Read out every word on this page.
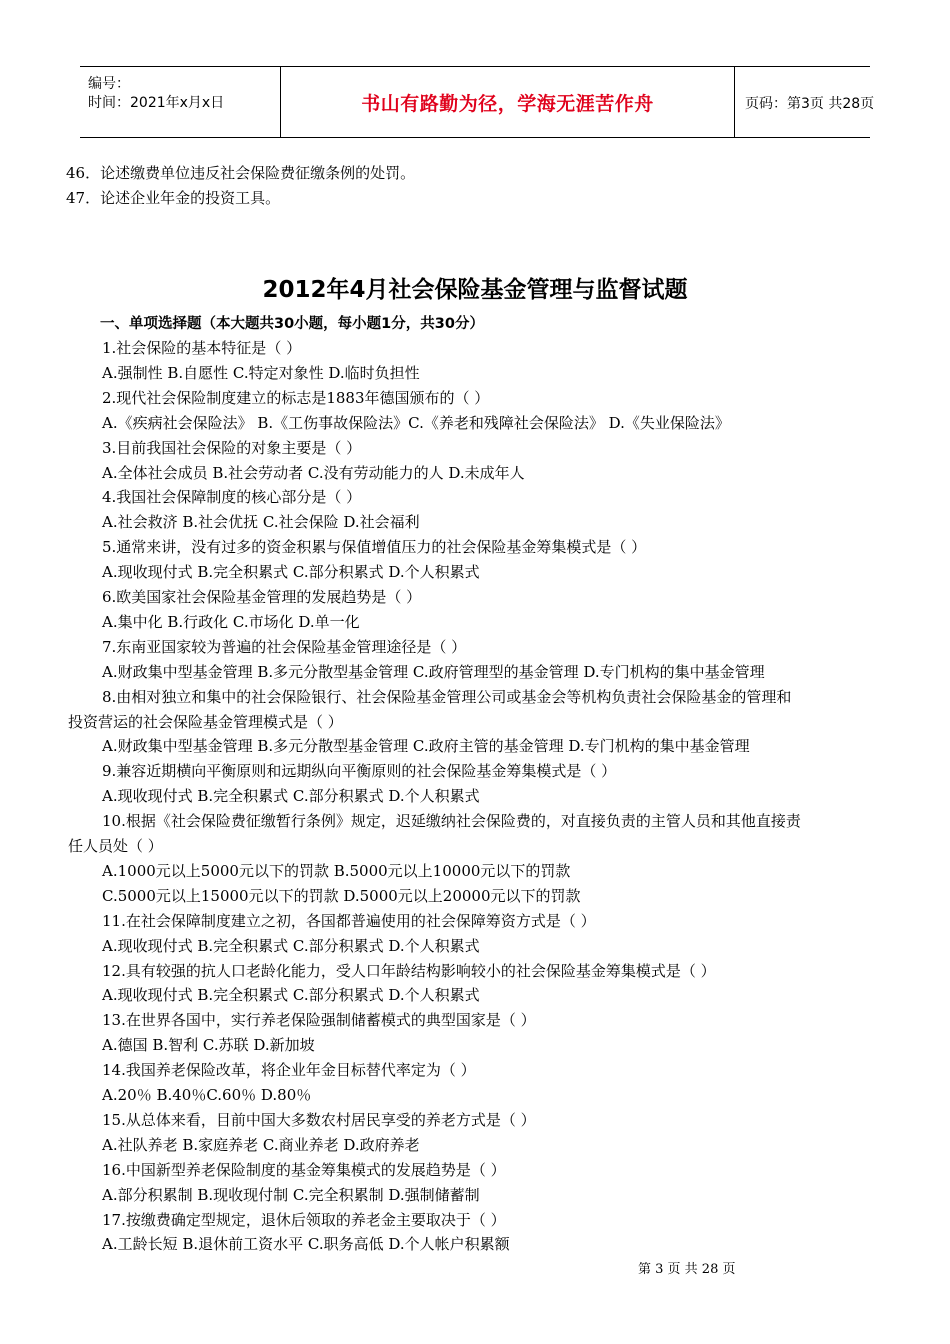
编号：
时间：2021年x月x日	书山有路勤为径，学海无涯苦作舟	页码：第3页 共28页
46．论述缴费单位违反社会保险费征缴条例的处罚。
47．论述企业年金的投资工具。
2012年4月社会保险基金管理与监督试题
一、单项选择题（本大题共30小题，每小题1分，共30分）
1.社会保险的基本特征是（ ）
A.强制性 B.自愿性 C.特定对象性 D.临时负担性
2.现代社会保险制度建立的标志是1883年德国颁布的（ ）
A.《疾病社会保险法》 B.《工伤事故保险法》C.《养老和残障社会保险法》 D.《失业保险法》
3.目前我国社会保险的对象主要是（ ）
A.全体社会成员 B.社会劳动者 C.没有劳动能力的人 D.未成年人
4.我国社会保障制度的核心部分是（ ）
A.社会救济 B.社会优抚 C.社会保险 D.社会福利
5.通常来讲，没有过多的资金积累与保值增值压力的社会保险基金筹集模式是（ ）
A.现收现付式 B.完全积累式 C.部分积累式 D.个人积累式
6.欧美国家社会保险基金管理的发展趋势是（ ）
A.集中化 B.行政化 C.市场化 D.单一化
7.东南亚国家较为普遍的社会保险基金管理途径是（ ）
A.财政集中型基金管理 B.多元分散型基金管理 C.政府管理型的基金管理 D.专门机构的集中基金管理
8.由相对独立和集中的社会保险银行、社会保险基金管理公司或基金会等机构负责社会保险基金的管理和
投资营运的社会保险基金管理模式是（ ）
A.财政集中型基金管理 B.多元分散型基金管理 C.政府主管的基金管理 D.专门机构的集中基金管理
9.兼容近期横向平衡原则和远期纵向平衡原则的社会保险基金筹集模式是（ ）
A.现收现付式 B.完全积累式 C.部分积累式 D.个人积累式
10.根据《社会保险费征缴暂行条例》规定，迟延缴纳社会保险费的，对直接负责的主管人员和其他直接责
任人员处（ ）
A.1000元以上5000元以下的罚款 B.5000元以上10000元以下的罚款
C.5000元以上15000元以下的罚款 D.5000元以上20000元以下的罚款
11.在社会保障制度建立之初，各国都普遍使用的社会保障筹资方式是（ ）
A.现收现付式 B.完全积累式 C.部分积累式 D.个人积累式
12.具有较强的抗人口老龄化能力，受人口年龄结构影响较小的社会保险基金筹集模式是（ ）
A.现收现付式 B.完全积累式 C.部分积累式 D.个人积累式
13.在世界各国中，实行养老保险强制储蓄模式的典型国家是（ ）
A.德国 B.智利 C.苏联 D.新加坡
14.我国养老保险改革，将企业年金目标替代率定为（ ）
A.20％ B.40％C.60％ D.80％
15.从总体来看，目前中国大多数农村居民享受的养老方式是（ ）
A.社队养老 B.家庭养老 C.商业养老 D.政府养老
16.中国新型养老保险制度的基金筹集模式的发展趋势是（ ）
A.部分积累制 B.现收现付制 C.完全积累制 D.强制储蓄制
17.按缴费确定型规定，退休后领取的养老金主要取决于（ ）
A.工龄长短 B.退休前工资水平 C.职务高低 D.个人帐户积累额
第 3 页 共 28 页
